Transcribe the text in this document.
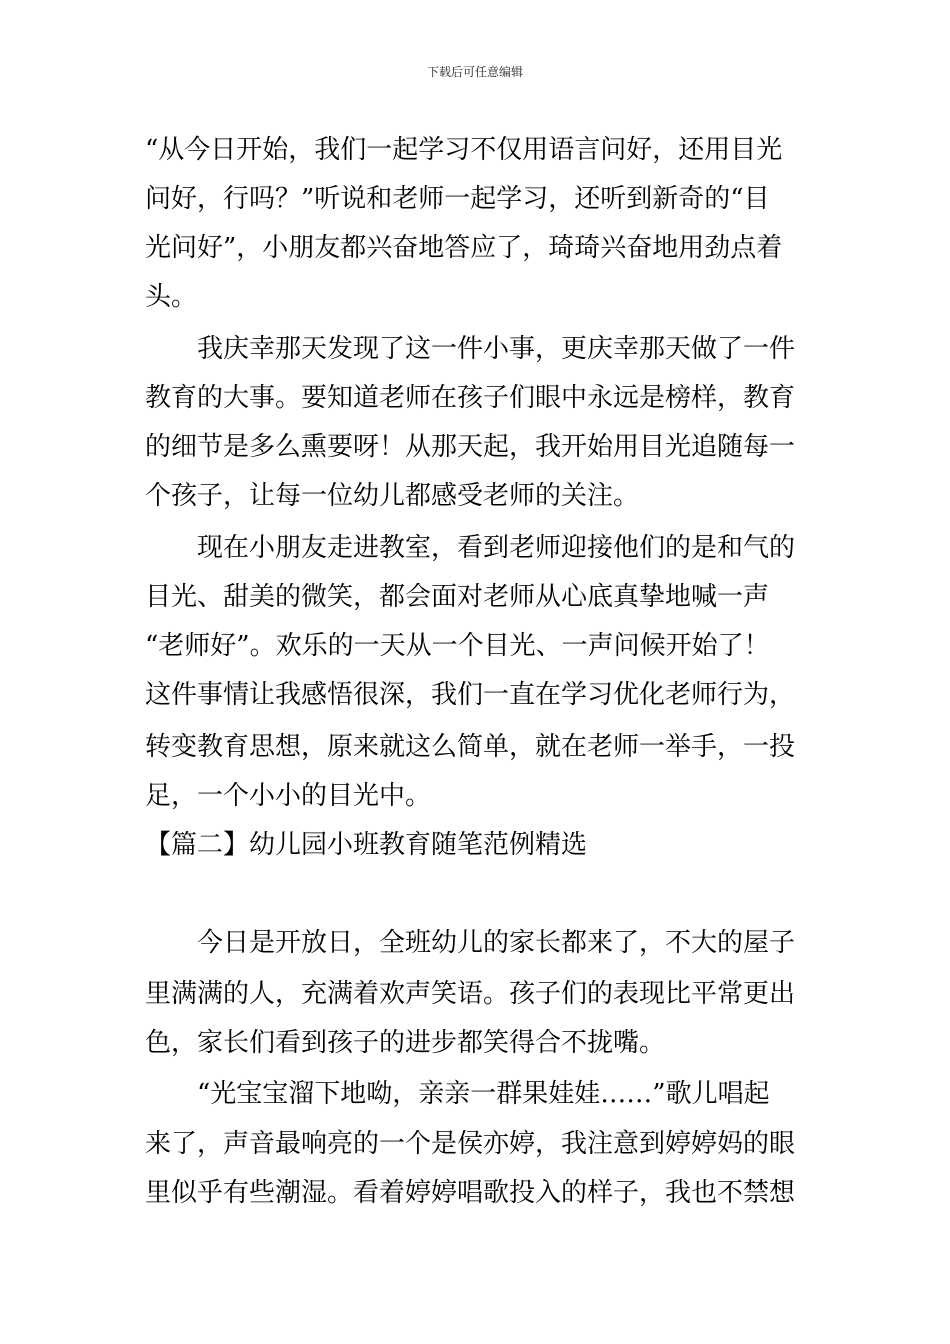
下载后可任意编辑
“从今日开始，我们一起学习不仅用语言问好，还用目光
问好，行吗？”听说和老师一起学习，还听到新奇的“目
光问好”，小朋友都兴奋地答应了，琦琦兴奋地用劲点着
头。
　　我庆幸那天发现了这一件小事，更庆幸那天做了一件
教育的大事。要知道老师在孩子们眼中永远是榜样，教育
的细节是多么熏要呀！从那天起，我开始用目光追随每一
个孩子，让每一位幼儿都感受老师的关注。
　　现在小朋友走进教室，看到老师迎接他们的是和气的
目光、甜美的微笑，都会面对老师从心底真挚地喊一声
“老师好”。欢乐的一天从一个目光、一声问候开始了！
这件事情让我感悟很深，我们一直在学习优化老师行为，
转变教育思想，原来就这么简单，就在老师一举手，一投
足，一个小小的目光中。
【篇二】幼儿园小班教育随笔范例精选
　　今日是开放日，全班幼儿的家长都来了，不大的屋子
里满满的人，充满着欢声笑语。孩子们的表现比平常更出
色，家长们看到孩子的进步都笑得合不拢嘴。
　　“光宝宝溜下地呦，亲亲一群果娃娃……”歌儿唱起
来了，声音最响亮的一个是侯亦婷，我注意到婷婷妈的眼
里似乎有些潮湿。看着婷婷唱歌投入的样子，我也不禁想
